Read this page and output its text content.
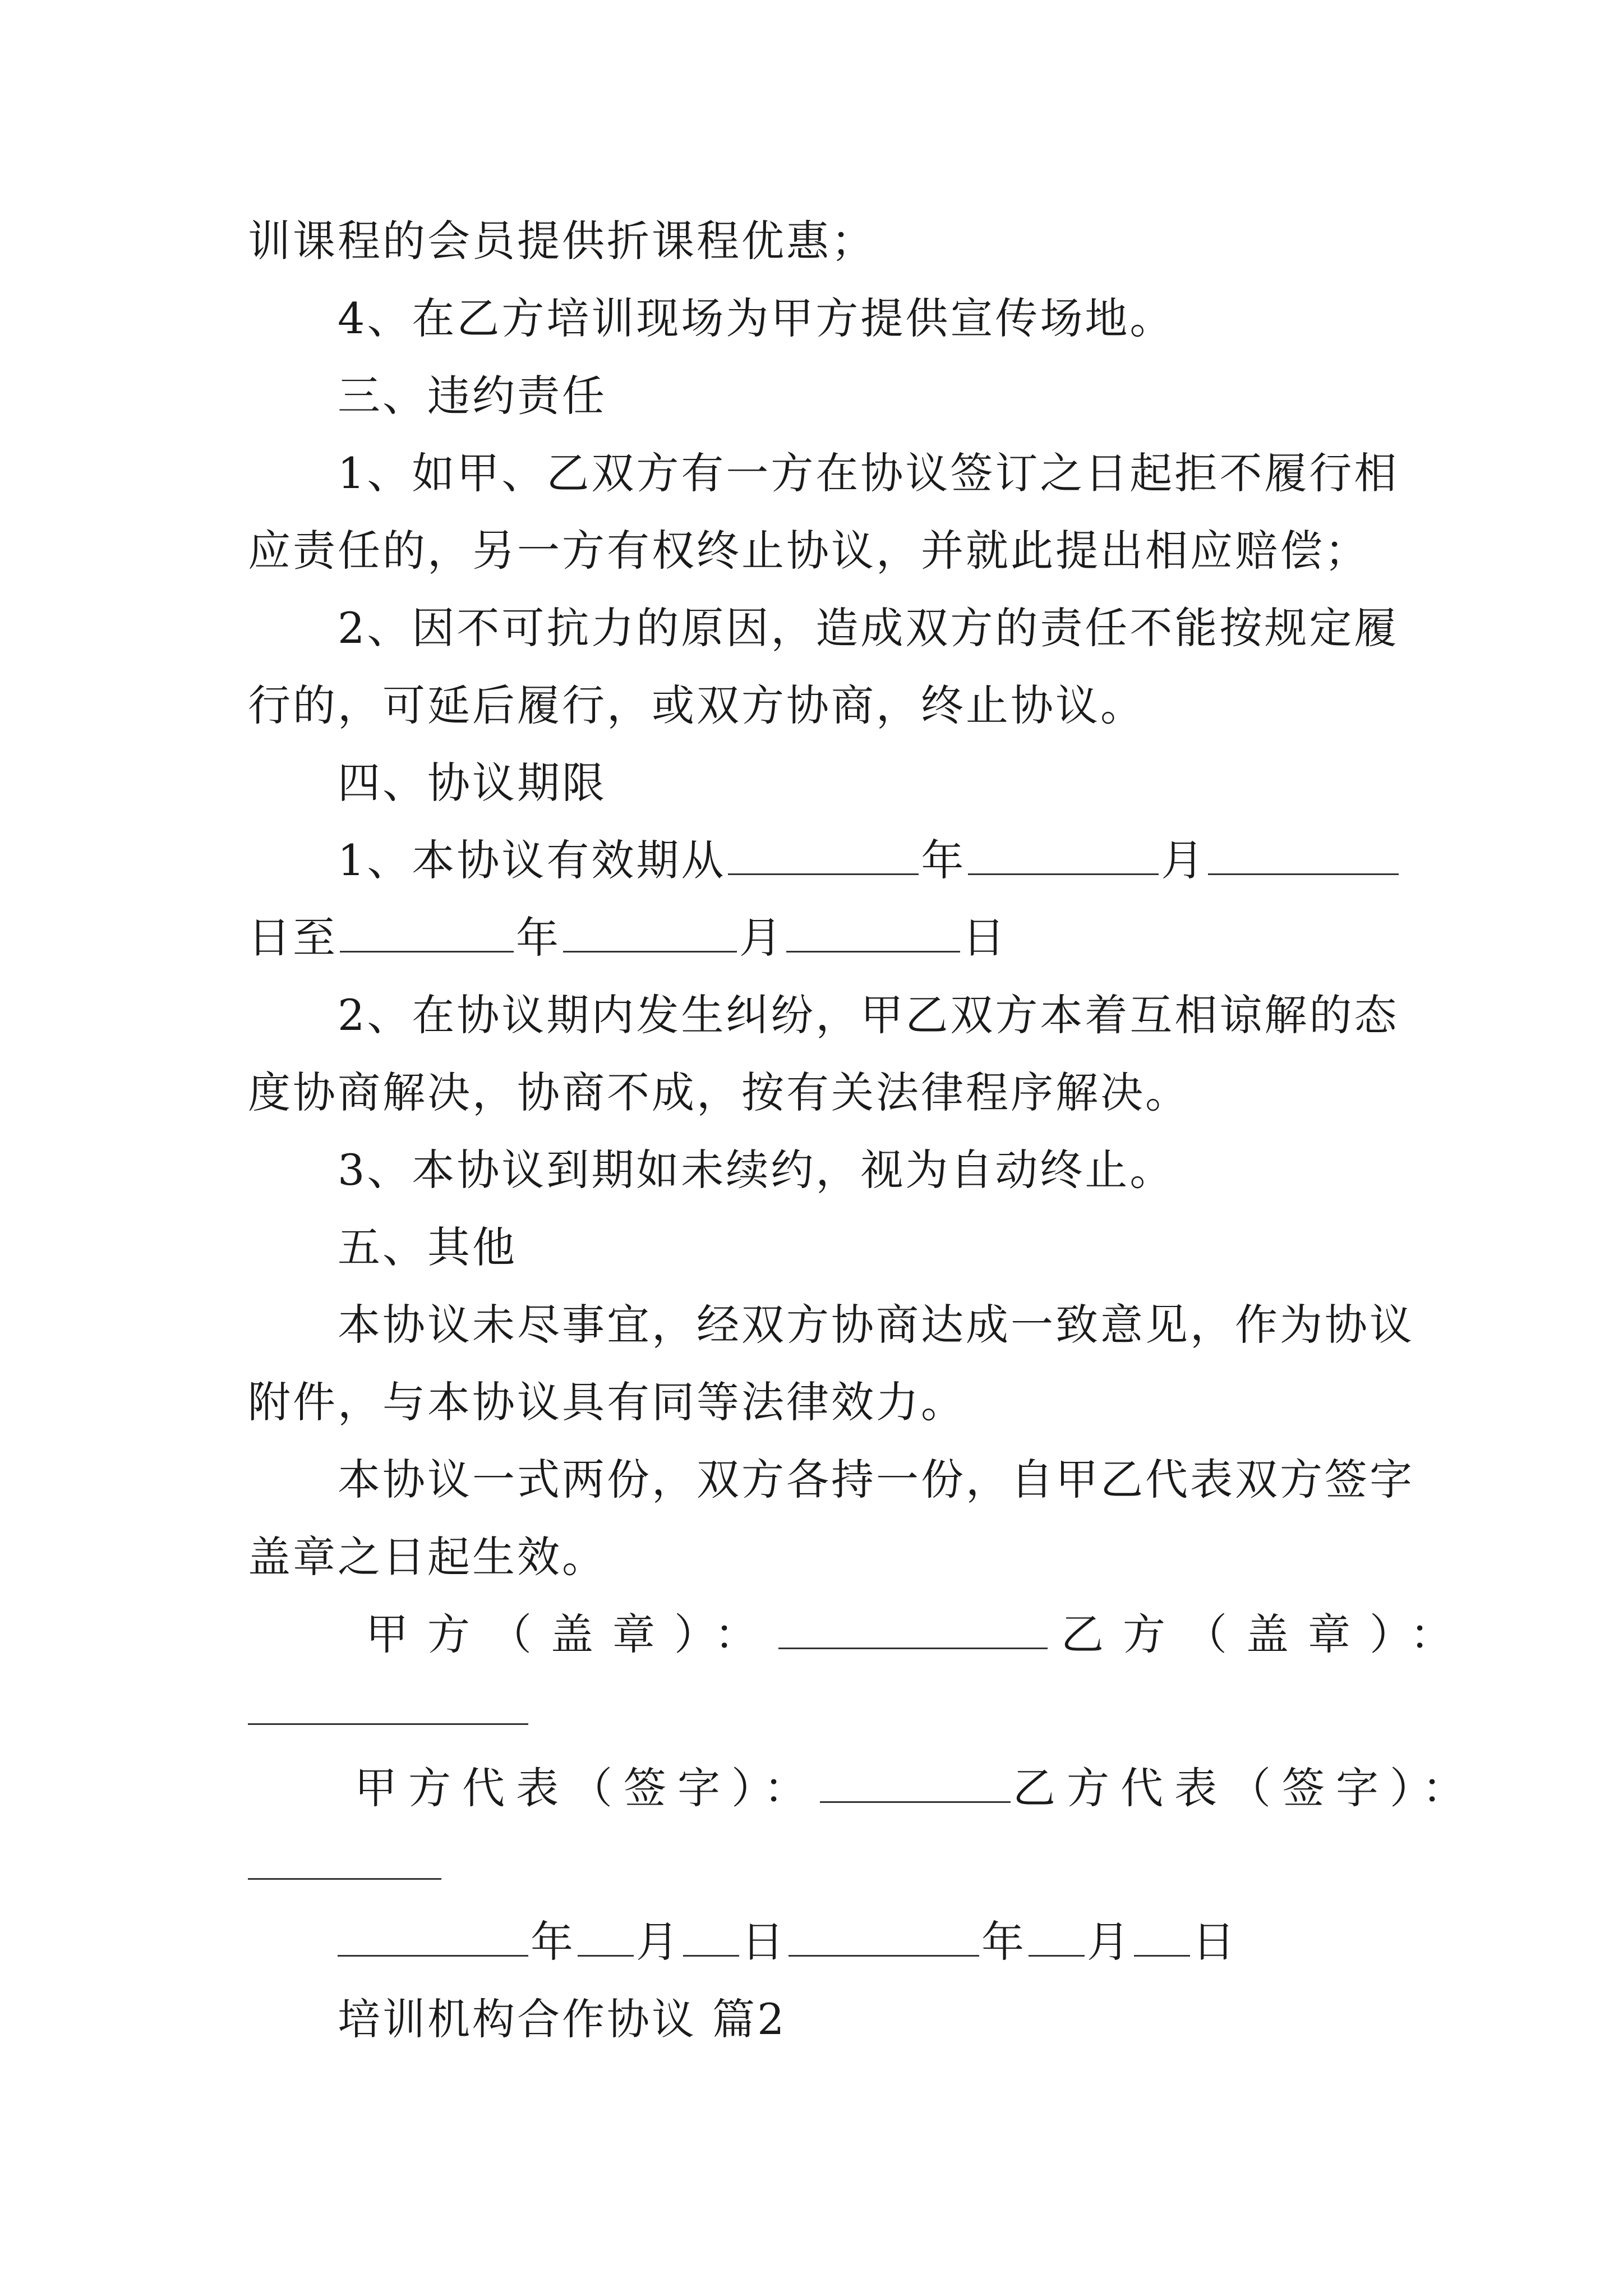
训课程的会员提供折课程优惠；
4、在乙方培训现场为甲方提供宣传场地。
三、违约责任
1、如甲、乙双方有一方在协议签订之日起拒不履行相
应责任的，另一方有权终止协议，并就此提出相应赔偿；
2、因不可抗力的原因，造成双方的责任不能按规定履
行的，可延后履行，或双方协商，终止协议。
四、协议期限
1、本协议有效期从	年	月
日至	年	月	日
2、在协议期内发生纠纷，甲乙双方本着互相谅解的态
度协商解决，协商不成，按有关法律程序解决。
3、本协议到期如未续约，视为自动终止。
五、其他
本协议未尽事宜，经双方协商达成一致意见，作为协议
附件，与本协议具有同等法律效力。
本协议一式两份，双方各持一份，自甲乙代表双方签字
盖章之日起生效。
甲方（盖章）：	乙方（盖章）：
甲方代表（签字）：	乙方代表（签字）：
年 月 日	年 月 日
培训机构合作协议 篇2
